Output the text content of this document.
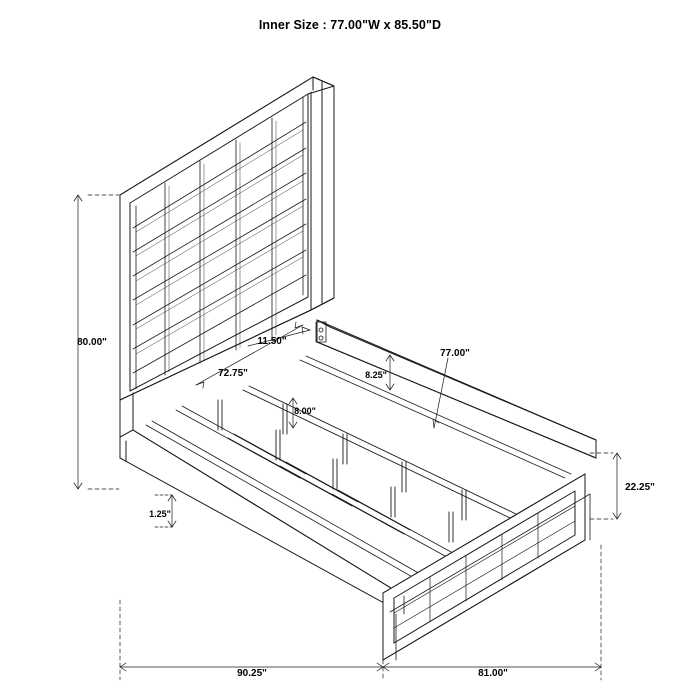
Inner Size : 77.00"W x 85.50"D
80.00"
22.25"
1.25"
72.75"
11.50"
8.00"
8.25"
77.00"
90.25"	81.00"
